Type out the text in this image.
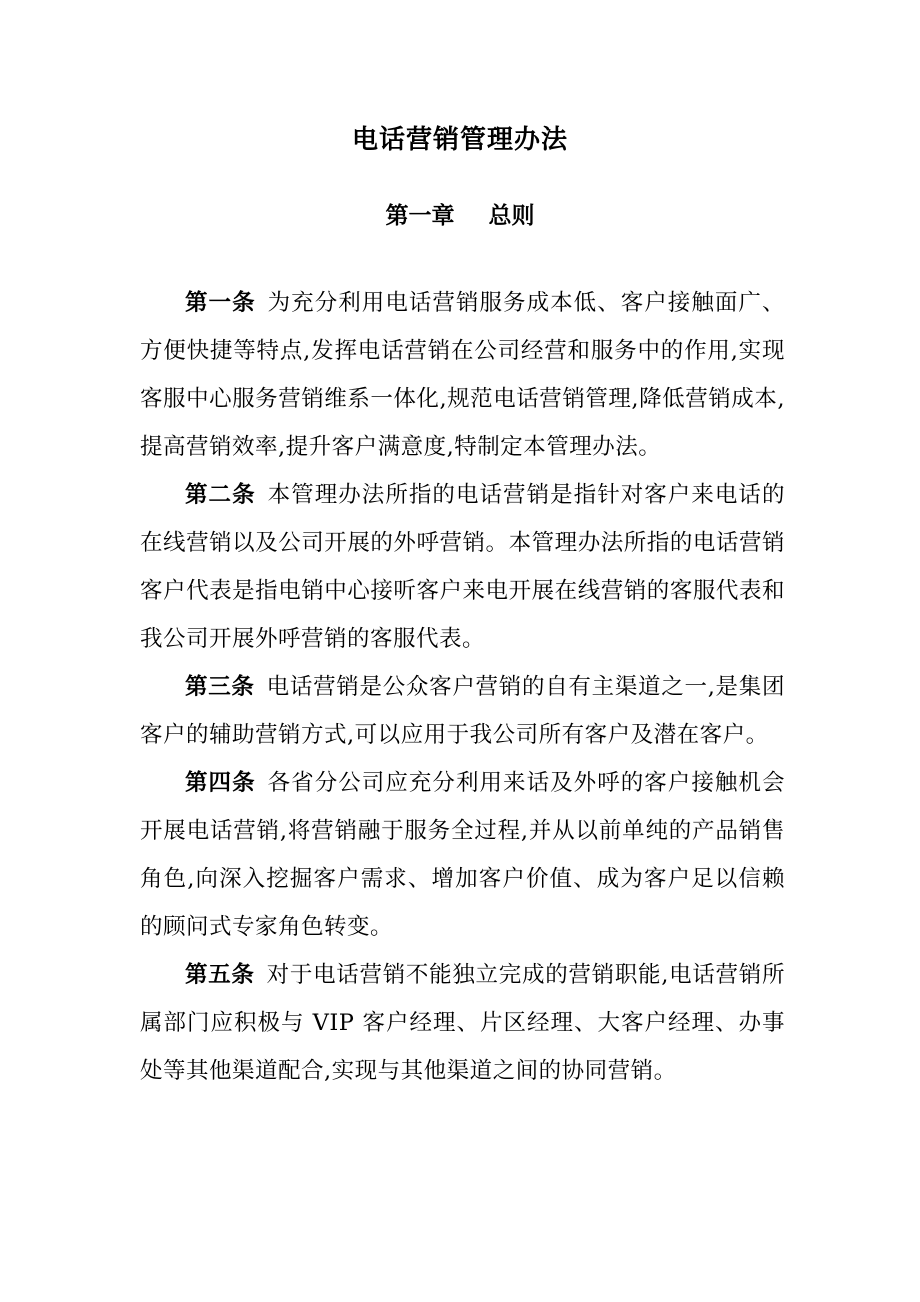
电话营销管理办法
第一章 总则

第一条 为充分利用电话营销服务成本低、客户接触面广、方便快捷等特点,发挥电话营销在公司经营和服务中的作用,实现客服中心服务营销维系一体化,规范电话营销管理,降低营销成本,提高营销效率,提升客户满意度,特制定本管理办法。

第二条 本管理办法所指的电话营销是指针对客户来电话的在线营销以及公司开展的外呼营销。本管理办法所指的电话营销客户代表是指电销中心接听客户来电开展在线营销的客服代表和我公司开展外呼营销的客服代表。

第三条 电话营销是公众客户营销的自有主渠道之一,是集团客户的辅助营销方式,可以应用于我公司所有客户及潜在客户。

第四条 各省分公司应充分利用来话及外呼的客户接触机会开展电话营销,将营销融于服务全过程,并从以前单纯的产品销售角色,向深入挖掘客户需求、增加客户价值、成为客户足以信赖的顾问式专家角色转变。

第五条 对于电话营销不能独立完成的营销职能,电话营销所属部门应积极与 VIP 客户经理、片区经理、大客户经理、办事处等其他渠道配合,实现与其他渠道之间的协同营销。
